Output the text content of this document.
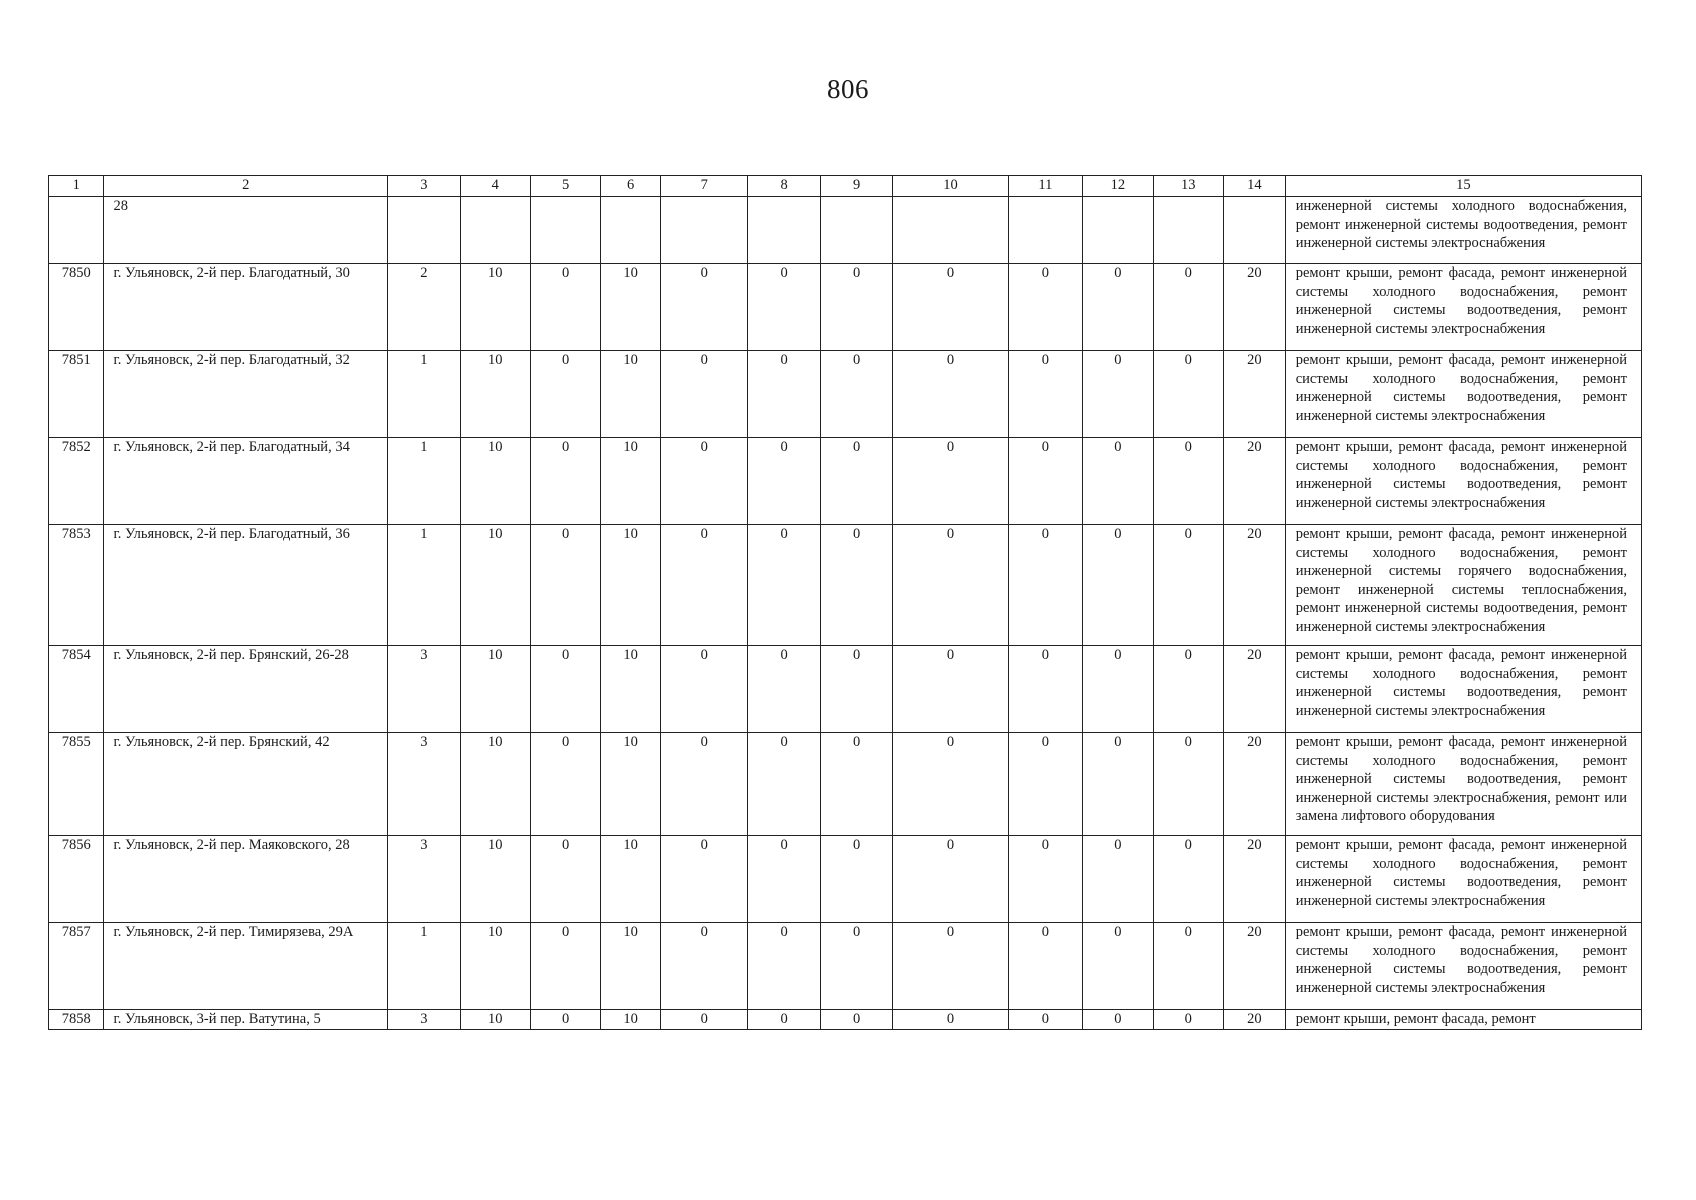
806
1	2	3	4	5	6	7	8	9	10	11	12	13	14	15
	28													инженерной системы холодного водоснабжения, ремонт инженерной системы водоотведения, ремонт инженерной системы электроснабжения
7850	г. Ульяновск, 2-й пер. Благодатный, 30	2	10	0	10	0	0	0	0	0	0	0	20	ремонт крыши, ремонт фасада, ремонт инженерной системы холодного водоснабжения, ремонт инженерной системы водоотведения, ремонт инженерной системы электроснабжения
7851	г. Ульяновск, 2-й пер. Благодатный, 32	1	10	0	10	0	0	0	0	0	0	0	20	ремонт крыши, ремонт фасада, ремонт инженерной системы холодного водоснабжения, ремонт инженерной системы водоотведения, ремонт инженерной системы электроснабжения
7852	г. Ульяновск, 2-й пер. Благодатный, 34	1	10	0	10	0	0	0	0	0	0	0	20	ремонт крыши, ремонт фасада, ремонт инженерной системы холодного водоснабжения, ремонт инженерной системы водоотведения, ремонт инженерной системы электроснабжения
7853	г. Ульяновск, 2-й пер. Благодатный, 36	1	10	0	10	0	0	0	0	0	0	0	20	ремонт крыши, ремонт фасада, ремонт инженерной системы холодного водоснабжения, ремонт инженерной системы горячего водоснабжения, ремонт инженерной системы теплоснабжения, ремонт инженерной системы водоотведения, ремонт инженерной системы электроснабжения
7854	г. Ульяновск, 2-й пер. Брянский, 26-28	3	10	0	10	0	0	0	0	0	0	0	20	ремонт крыши, ремонт фасада, ремонт инженерной системы холодного водоснабжения, ремонт инженерной системы водоотведения, ремонт инженерной системы электроснабжения
7855	г. Ульяновск, 2-й пер. Брянский, 42	3	10	0	10	0	0	0	0	0	0	0	20	ремонт крыши, ремонт фасада, ремонт инженерной системы холодного водоснабжения, ремонт инженерной системы водоотведения, ремонт инженерной системы электроснабжения, ремонт или замена лифтового оборудования
7856	г. Ульяновск, 2-й пер. Маяковского, 28	3	10	0	10	0	0	0	0	0	0	0	20	ремонт крыши, ремонт фасада, ремонт инженерной системы холодного водоснабжения, ремонт инженерной системы водоотведения, ремонт инженерной системы электроснабжения
7857	г. Ульяновск, 2-й пер. Тимирязева, 29А	1	10	0	10	0	0	0	0	0	0	0	20	ремонт крыши, ремонт фасада, ремонт инженерной системы холодного водоснабжения, ремонт инженерной системы водоотведения, ремонт инженерной системы электроснабжения
7858	г. Ульяновск, 3-й пер. Ватутина, 5	3	10	0	10	0	0	0	0	0	0	0	20	ремонт крыши, ремонт фасада, ремонт
